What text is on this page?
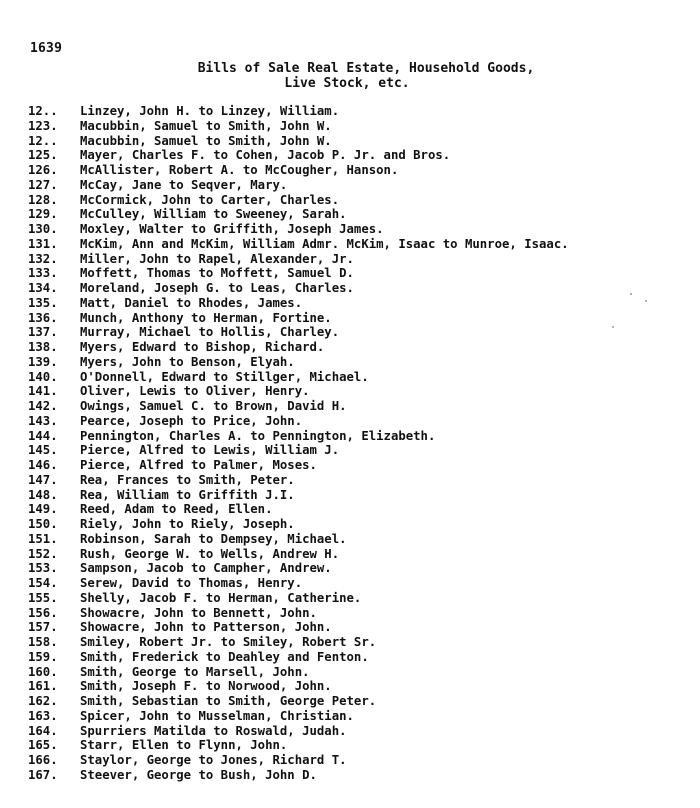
1639
Bills of Sale Real Estate, Household Goods,
Live Stock, etc.
12..	Linzey, John H. to Linzey, William.
123.	Macubbin, Samuel to Smith, John W.
12..	Macubbin, Samuel to Smith, John W.
125.	Mayer, Charles F. to Cohen, Jacob P. Jr. and Bros.
126.	McAllister, Robert A. to McCougher, Hanson.
127.	McCay, Jane to Seqver, Mary.
128.	McCormick, John to Carter, Charles.
129.	McCulley, William to Sweeney, Sarah.
130.	Moxley, Walter to Griffith, Joseph James.
131.	McKim, Ann and McKim, William Admr. McKim, Isaac to Munroe, Isaac.
132.	Miller, John to Rapel, Alexander, Jr.
133.	Moffett, Thomas to Moffett, Samuel D.
134.	Moreland, Joseph G. to Leas, Charles.
135.	Matt, Daniel to Rhodes, James.
136.	Munch, Anthony to Herman, Fortine.
137.	Murray, Michael to Hollis, Charley.
138.	Myers, Edward to Bishop, Richard.
139.	Myers, John to Benson, Elyah.
140.	O'Donnell, Edward to Stillger, Michael.
141.	Oliver, Lewis to Oliver, Henry.
142.	Owings, Samuel C. to Brown, David H.
143.	Pearce, Joseph to Price, John.
144.	Pennington, Charles A. to Pennington, Elizabeth.
145.	Pierce, Alfred to Lewis, William J.
146.	Pierce, Alfred to Palmer, Moses.
147.	Rea, Frances to Smith, Peter.
148.	Rea, William to Griffith J.I.
149.	Reed, Adam to Reed, Ellen.
150.	Riely, John to Riely, Joseph.
151.	Robinson, Sarah to Dempsey, Michael.
152.	Rush, George W. to Wells, Andrew H.
153.	Sampson, Jacob to Campher, Andrew.
154.	Serew, David to Thomas, Henry.
155.	Shelly, Jacob F. to Herman, Catherine.
156.	Showacre, John to Bennett, John.
157.	Showacre, John to Patterson, John.
158.	Smiley, Robert Jr. to Smiley, Robert Sr.
159.	Smith, Frederick to Deahley and Fenton.
160.	Smith, George to Marsell, John.
161.	Smith, Joseph F. to Norwood, John.
162.	Smith, Sebastian to Smith, George Peter.
163.	Spicer, John to Musselman, Christian.
164.	Spurriers Matilda to Roswald, Judah.
165.	Starr, Ellen to Flynn, John.
166.	Staylor, George to Jones, Richard T.
167.	Steever, George to Bush, John D.
